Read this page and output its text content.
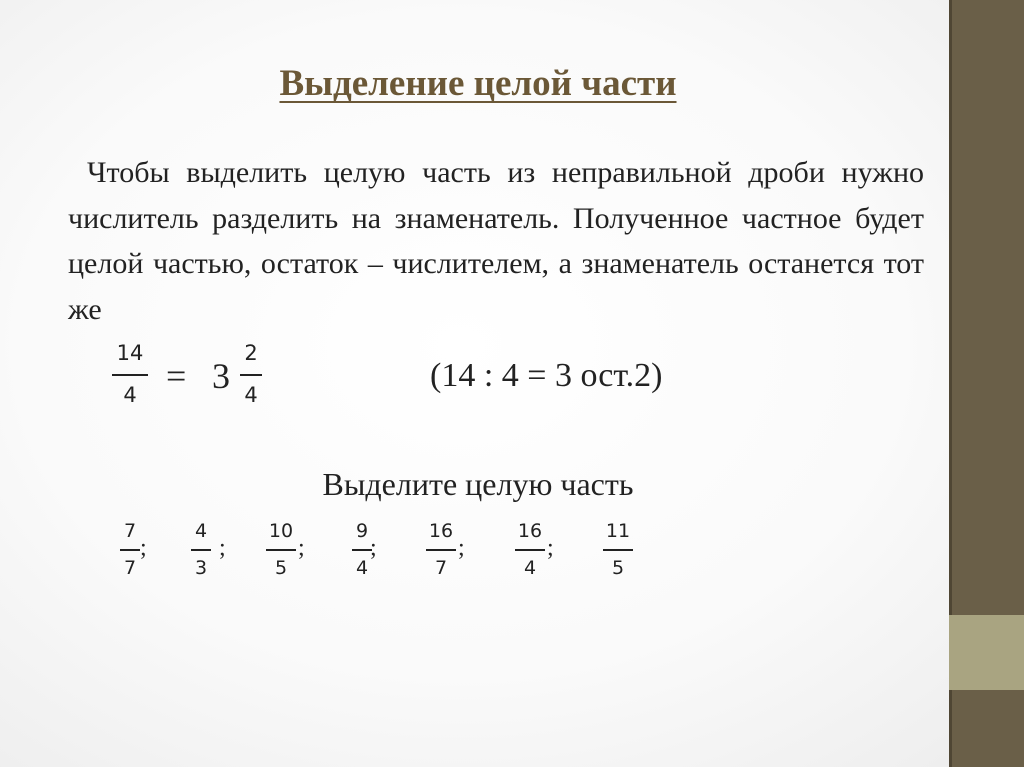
Выделение целой части
Чтобы выделить целую часть из неправильной дроби нужно числитель разделить на знаменатель. Полученное частное будет целой частью, остаток – числителем, а знаменатель останется тот же
14
4 = 3
2
4
(14 : 4 = 3 ост.2)
Выделите целую часть
7
7
;
4
3
;
10
5
;
9
4
;
16
7
;
16
4
;
11
5
